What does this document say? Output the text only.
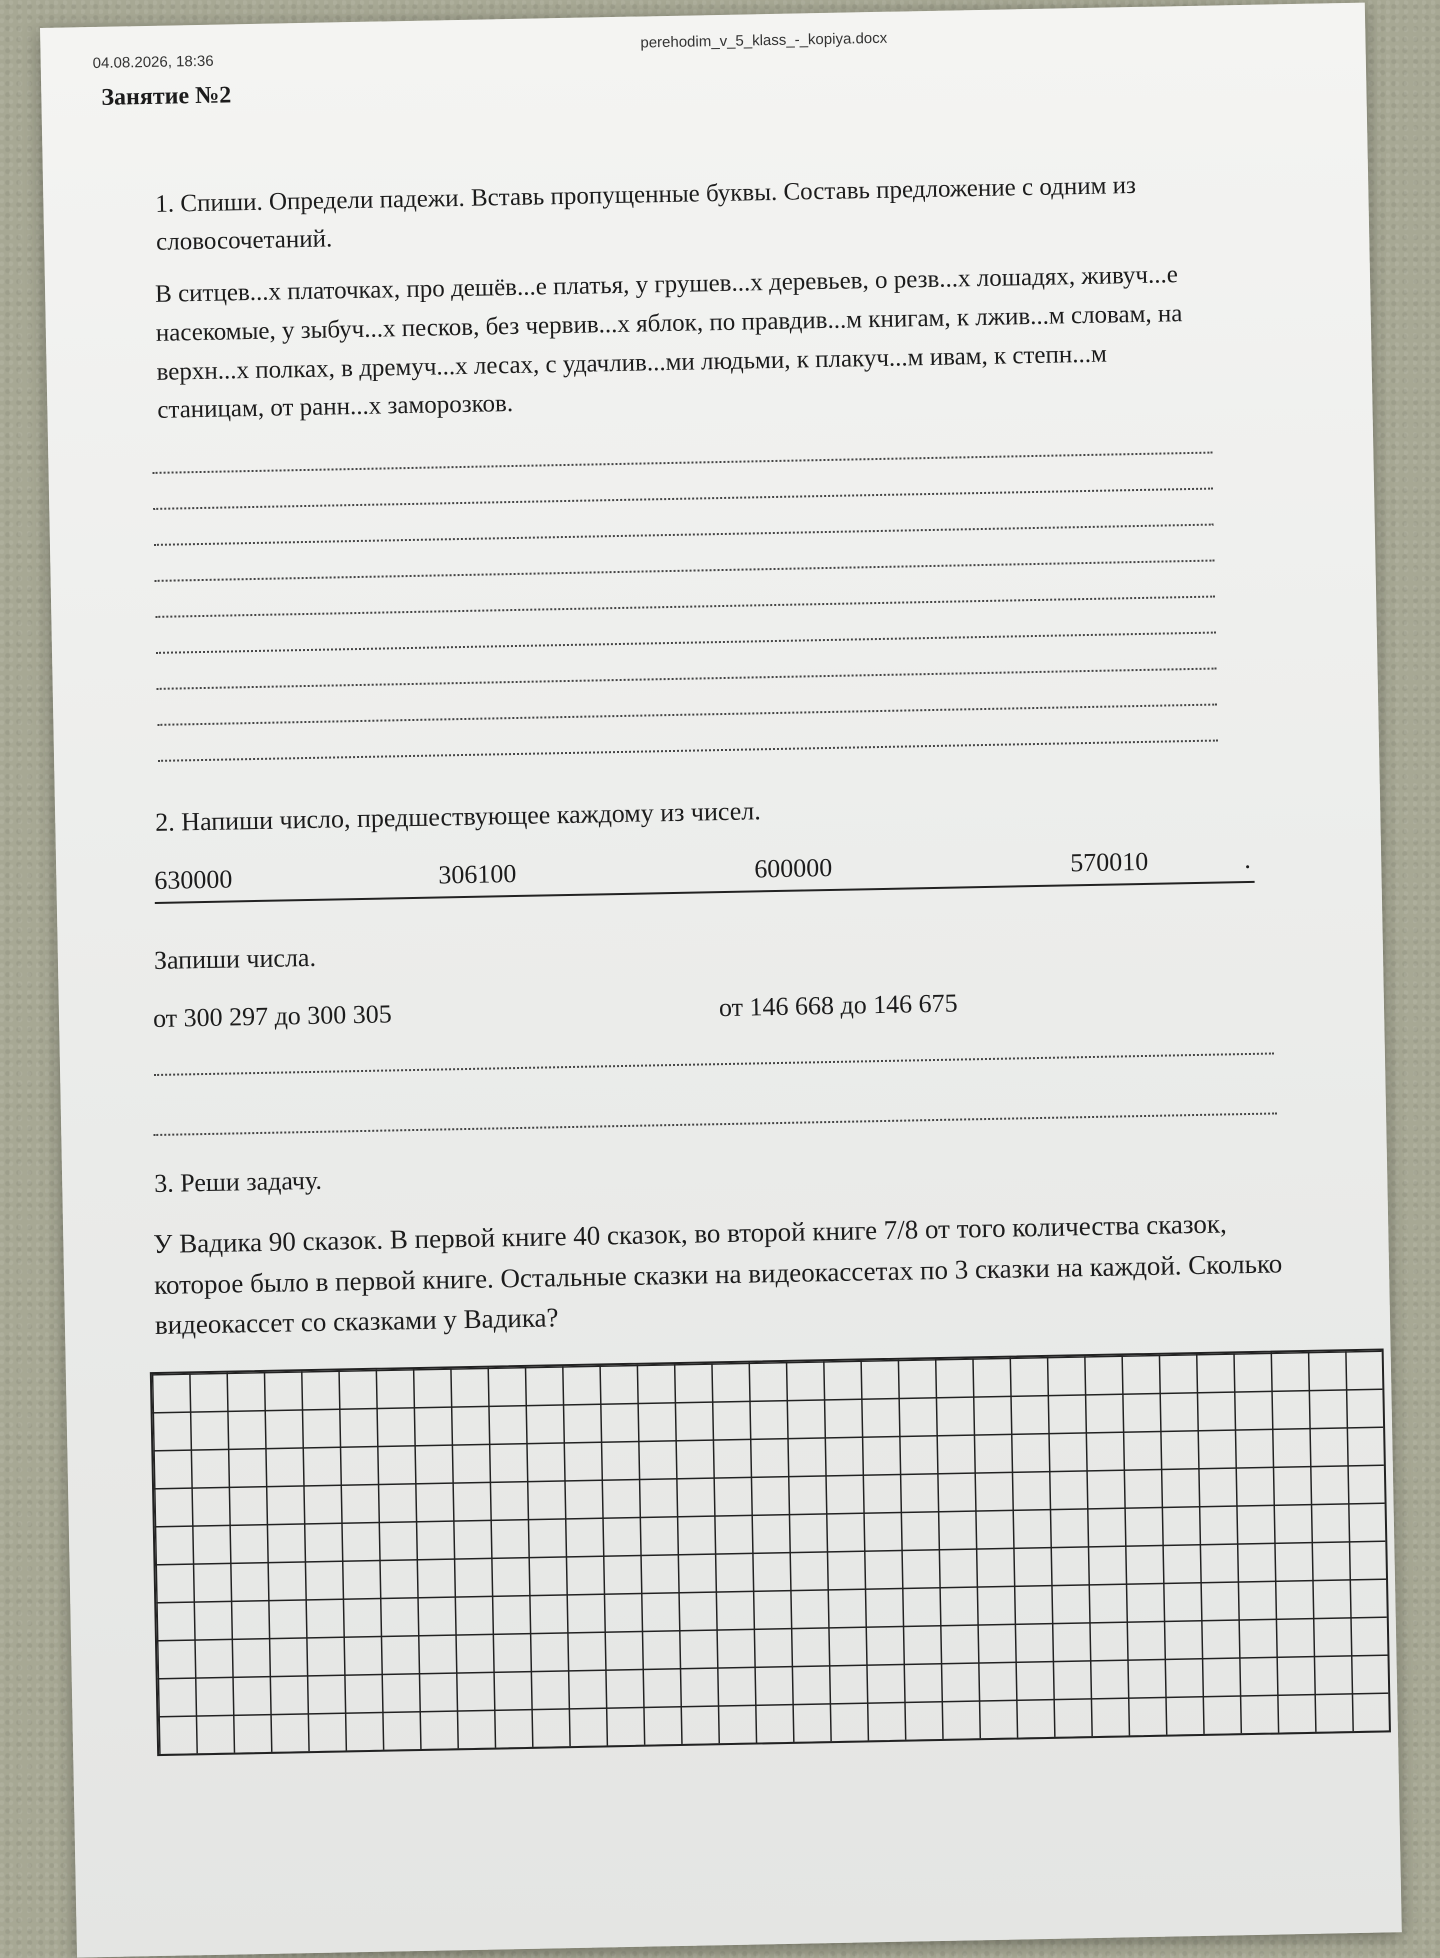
04.08.2026, 18:36
perehodim_v_5_klass_-_kopiya.docx
Занятие №2
1. Спиши. Определи падежи. Вставь пропущенные буквы. Составь предложение с одним из словосочетаний.
В ситцев...х платочках, про дешёв...е платья, у грушев...х деревьев, о резв...х лошадях, живуч...е насекомые, у зыбуч...х песков, без червив...х яблок, по правдив...м книгам, к лжив...м словам, на верхн...х полках, в дремуч...х лесах, с удачлив...ми людьми, к плакуч...м ивам, к степн...м станицам, от ранн...х заморозков.
2. Напиши число, предшествующее каждому из чисел.
630000	306100	600000	570010	.
Запиши числа.
от 300 297 до 300 305	от 146 668 до 146 675
3. Реши задачу.
У Вадика 90 сказок. В первой книге 40 сказок, во второй книге 7/8 от того количества сказок, которое было в первой книге. Остальные сказки на видеокассетах по 3 сказки на каждой. Сколько видеокассет со сказками у Вадика?
